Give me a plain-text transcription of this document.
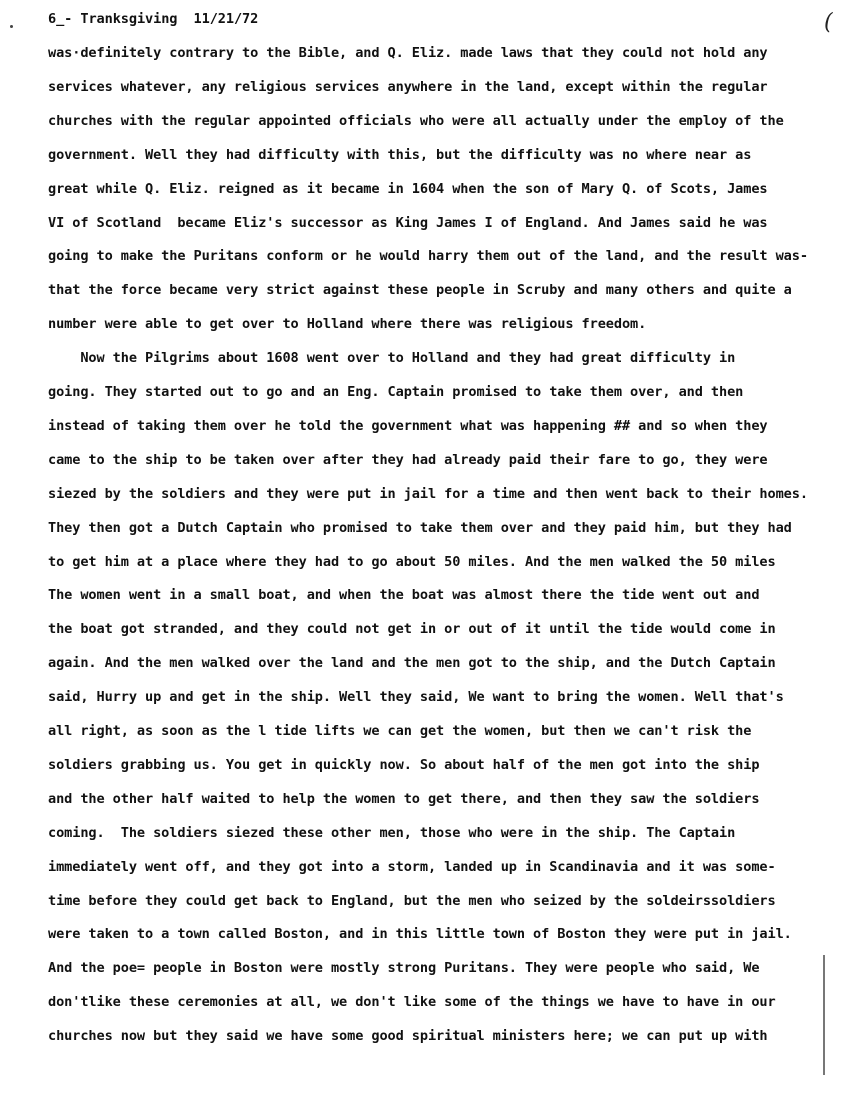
6_- Tranksgiving 11/21/72	(
was·definitely contrary to the Bible, and Q. Eliz. made laws that they could not hold any
services whatever, any religious services anywhere in the land, except within the regular
churches with the regular appointed officials who were all actually under the employ of the
government. Well they had difficulty with this, but the difficulty was no where near as
great while Q. Eliz. reigned as it became in 1604 when the son of Mary Q. of Scots, James
VI of Scotland  became Eliz's successor as King James I of England. And James said he was
going to make the Puritans conform or he would harry them out of the land, and the result was-
that the force became very strict against these people in Scruby and many others and quite a
number were able to get over to Holland where there was religious freedom.
Now the Pilgrims about 1608 went over to Holland and they had great difficulty in
going. They started out to go and an Eng. Captain promised to take them over, and then
instead of taking them over he told the government what was happening ## and so when they
came to the ship to be taken over after they had already paid their fare to go, they were
siezed by the soldiers and they were put in jail for a time and then went back to their homes.
They then got a Dutch Captain who promised to take them over and they paid him, but they had
to get him at a place where they had to go about 50 miles. And the men walked the 50 miles
The women went in a small boat, and when the boat was almost there the tide went out and
the boat got stranded, and they could not get in or out of it until the tide would come in
again. And the men walked over the land and the men got to the ship, and the Dutch Captain
said, Hurry up and get in the ship. Well they said, We want to bring the women. Well that's
all right, as soon as the l tide lifts we can get the women, but then we can't risk the
soldiers grabbing us. You get in quickly now. So about half of the men got into the ship
and the other half waited to help the women to get there, and then they saw the soldiers
coming.  The soldiers siezed these other men, those who were in the ship. The Captain
immediately went off, and they got into a storm, landed up in Scandinavia and it was some-
time before they could get back to England, but the men who seized by the soldeirssoldiers
were taken to a town called Boston, and in this little town of Boston they were put in jail.
And the poe= people in Boston were mostly strong Puritans. They were people who said, We
don'tlike these ceremonies at all, we don't like some of the things we have to have in our
churches now but they said we have some good spiritual ministers here; we can put up with
